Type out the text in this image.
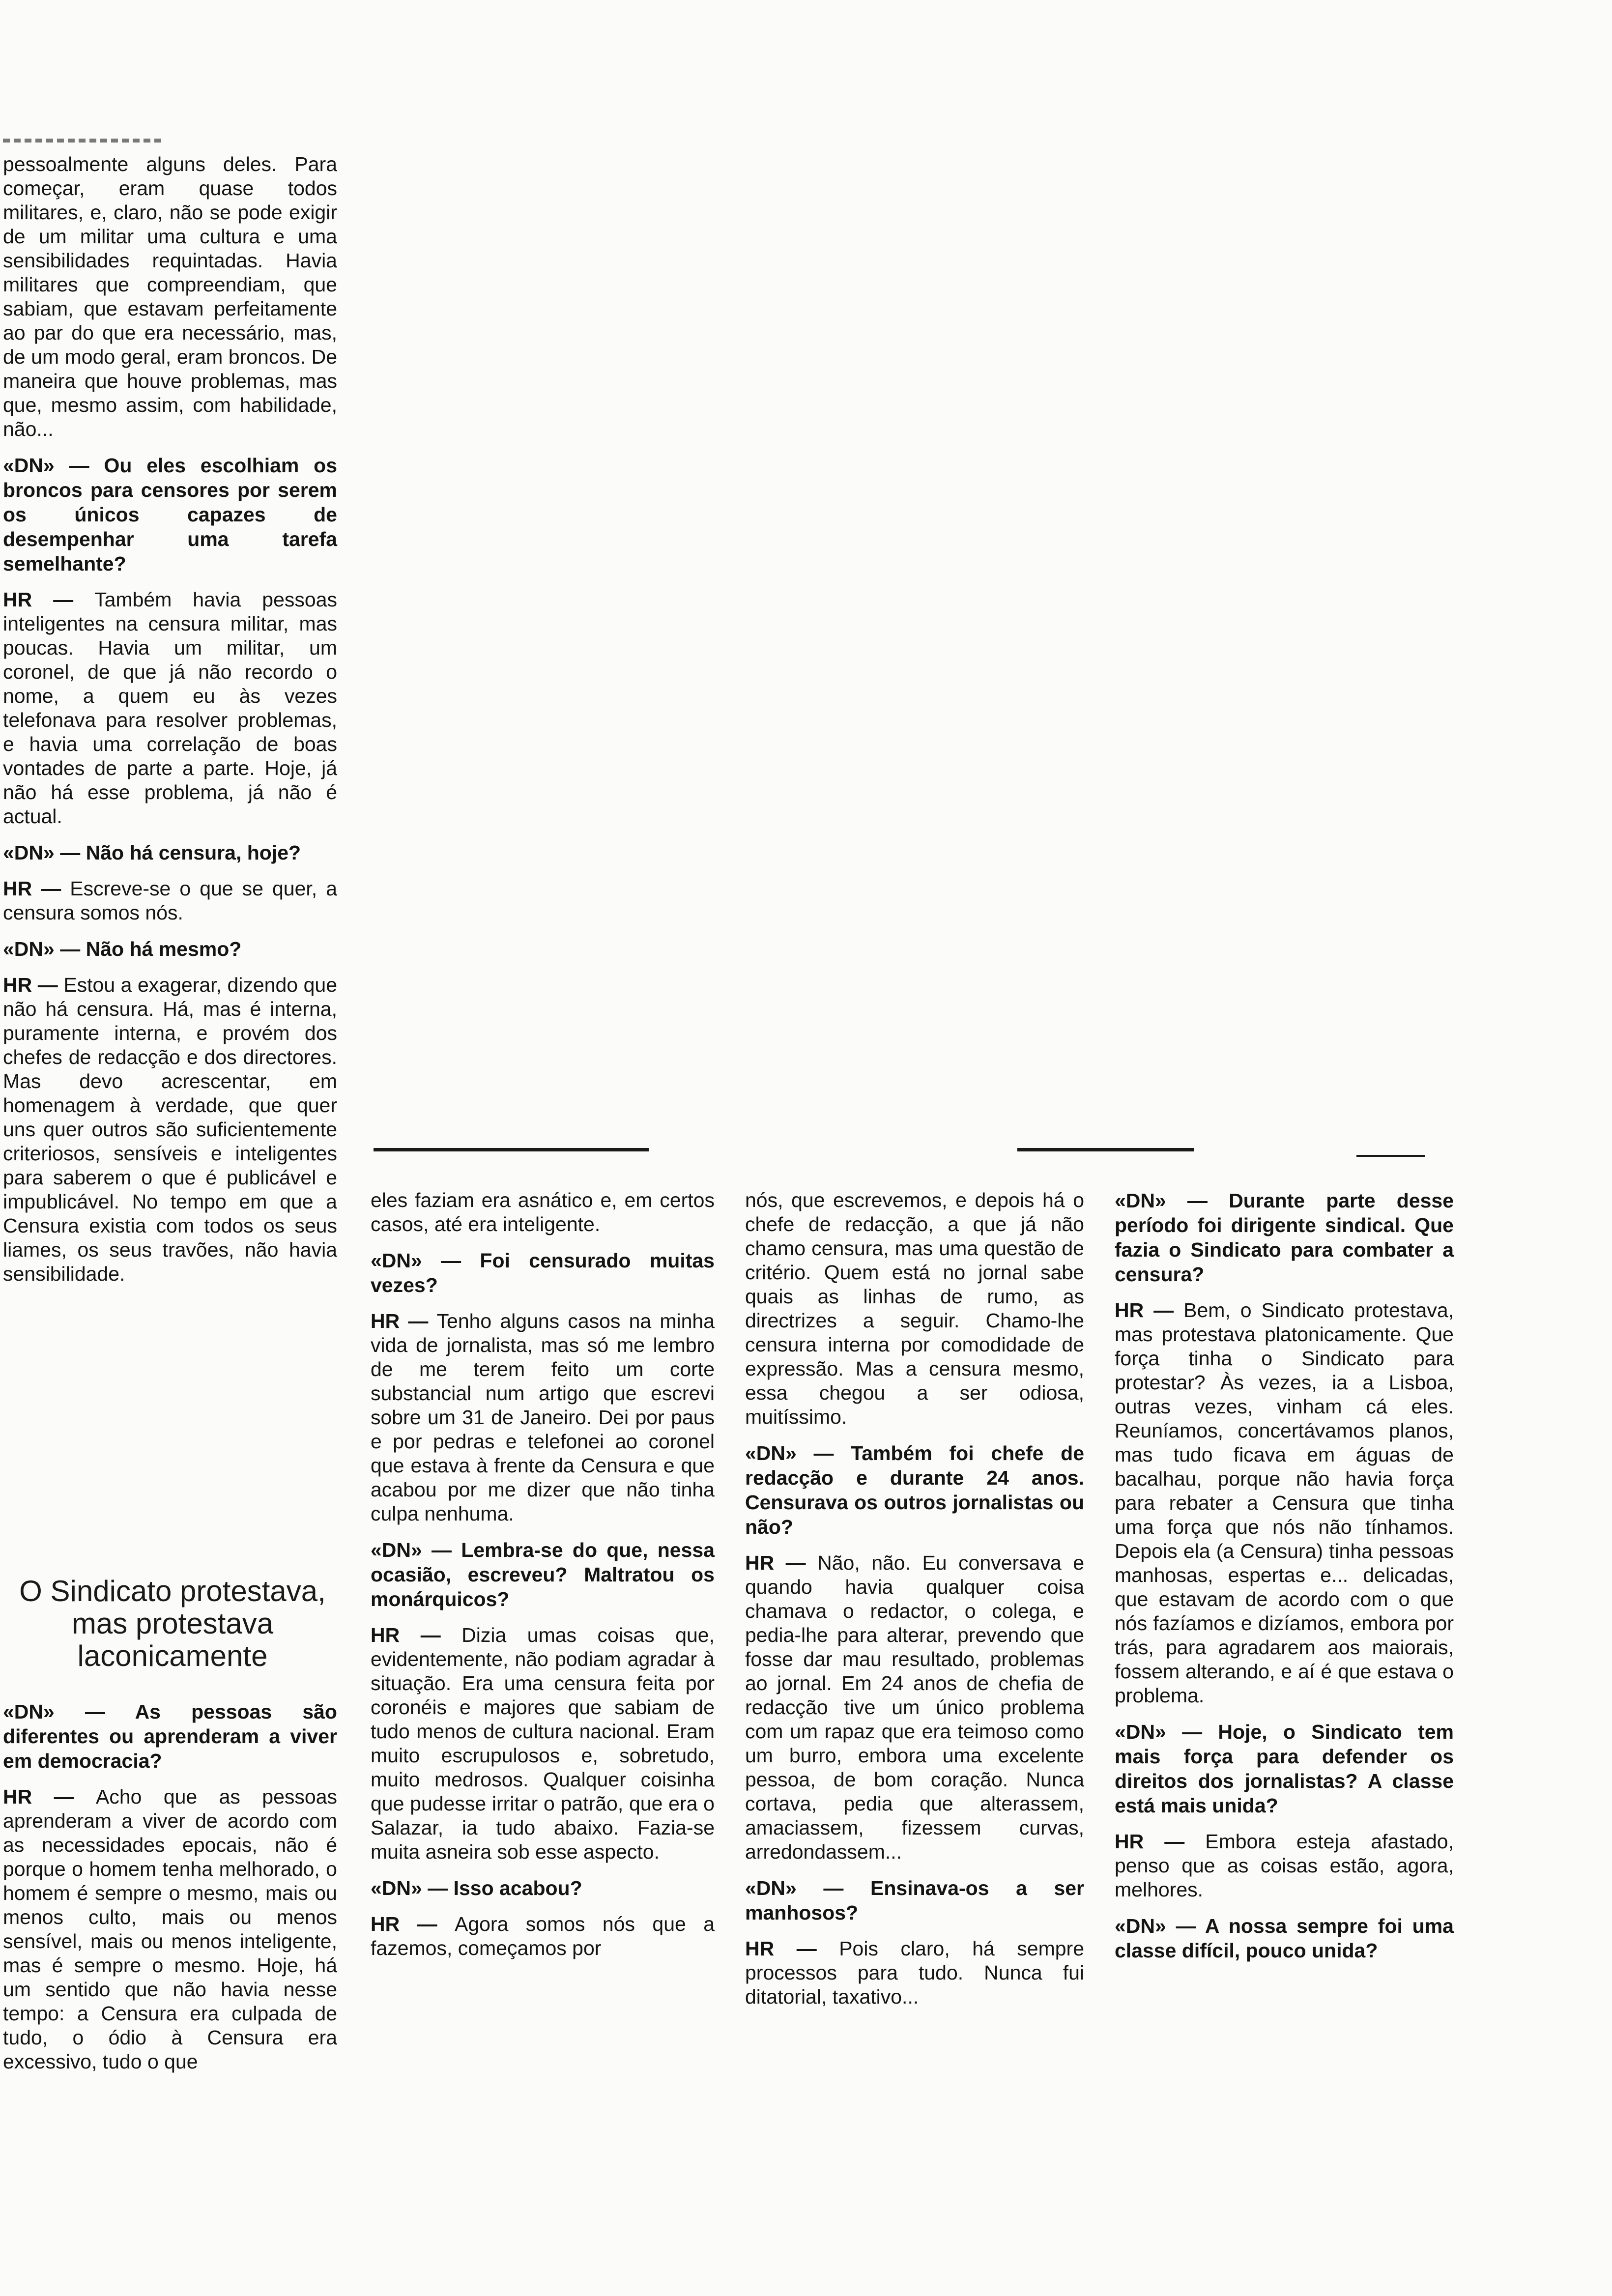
pessoalmente alguns deles. Para começar, eram quase todos militares, e, claro, não se pode exigir de um militar uma cultura e uma sensibilidades requintadas. Havia militares que compreendiam, que sabiam, que estavam perfeitamente ao par do que era necessário, mas, de um modo geral, eram broncos. De maneira que houve problemas, mas que, mesmo assim, com habilidade, não...

«DN» — Ou eles escolhiam os broncos para censores por serem os únicos capazes de desempenhar uma tarefa semelhante?

HR — Também havia pessoas inteligentes na censura militar, mas poucas. Havia um militar, um coronel, de que já não recordo o nome, a quem eu às vezes telefonava para resolver problemas, e havia uma correlação de boas vontades de parte a parte. Hoje, já não há esse problema, já não é actual.

«DN» — Não há censura, hoje?

HR — Escreve-se o que se quer, a censura somos nós.

«DN» — Não há mesmo?

HR — Estou a exagerar, dizendo que não há censura. Há, mas é interna, puramente interna, e provém dos chefes de redacção e dos directores. Mas devo acrescentar, em homenagem à verdade, que quer uns quer outros são suficientemente criteriosos, sensíveis e inteligentes para saberem o que é publicável e impublicável. No tempo em que a Censura existia com todos os seus liames, os seus travões, não havia sensibilidade.

O Sindicato protestava, mas protestava laconicamente

«DN» — As pessoas são diferentes ou aprenderam a viver em democracia?

HR — Acho que as pessoas aprenderam a viver de acordo com as necessidades epocais, não é porque o homem tenha melhorado, o homem é sempre o mesmo, mais ou menos culto, mais ou menos sensível, mais ou menos inteligente, mas é sempre o mesmo. Hoje, há um sentido que não havia nesse tempo: a Censura era culpada de tudo, o ódio à Censura era excessivo, tudo o que

eles faziam era asnático e, em certos casos, até era inteligente.

«DN» — Foi censurado muitas vezes?

HR — Tenho alguns casos na minha vida de jornalista, mas só me lembro de me terem feito um corte substancial num artigo que escrevi sobre um 31 de Janeiro. Dei por paus e por pedras e telefonei ao coronel que estava à frente da Censura e que acabou por me dizer que não tinha culpa nenhuma.

«DN» — Lembra-se do que, nessa ocasião, escreveu? Maltratou os monárquicos?

HR — Dizia umas coisas que, evidentemente, não podiam agradar à situação. Era uma censura feita por coronéis e majores que sabiam de tudo menos de cultura nacional. Eram muito escrupulosos e, sobretudo, muito medrosos. Qualquer coisinha que pudesse irritar o patrão, que era o Salazar, ia tudo abaixo. Fazia-se muita asneira sob esse aspecto.

«DN» — Isso acabou?

HR — Agora somos nós que a fazemos, começamos por

nós, que escrevemos, e depois há o chefe de redacção, a que já não chamo censura, mas uma questão de critério. Quem está no jornal sabe quais as linhas de rumo, as directrizes a seguir. Chamo-lhe censura interna por comodidade de expressão. Mas a censura mesmo, essa chegou a ser odiosa, muitíssimo.

«DN» — Também foi chefe de redacção e durante 24 anos. Censurava os outros jornalistas ou não?

HR — Não, não. Eu conversava e quando havia qualquer coisa chamava o redactor, o colega, e pedia-lhe para alterar, prevendo que fosse dar mau resultado, problemas ao jornal. Em 24 anos de chefia de redacção tive um único problema com um rapaz que era teimoso como um burro, embora uma excelente pessoa, de bom coração. Nunca cortava, pedia que alterassem, amaciassem, fizessem curvas, arredondassem...

«DN» — Ensinava-os a ser manhosos?

HR — Pois claro, há sempre processos para tudo. Nunca fui ditatorial, taxativo...

«DN» — Durante parte desse período foi dirigente sindical. Que fazia o Sindicato para combater a censura?

HR — Bem, o Sindicato protestava, mas protestava platonicamente. Que força tinha o Sindicato para protestar? Às vezes, ia a Lisboa, outras vezes, vinham cá eles. Reuníamos, concertávamos planos, mas tudo ficava em águas de bacalhau, porque não havia força para rebater a Censura que tinha uma força que nós não tínhamos. Depois ela (a Censura) tinha pessoas manhosas, espertas e... delicadas, que estavam de acordo com o que nós fazíamos e dizíamos, embora por trás, para agradarem aos maiorais, fossem alterando, e aí é que estava o problema.

«DN» — Hoje, o Sindicato tem mais força para defender os direitos dos jornalistas? A classe está mais unida?

HR — Embora esteja afastado, penso que as coisas estão, agora, melhores.

«DN» — A nossa sempre foi uma classe difícil, pouco unida?
